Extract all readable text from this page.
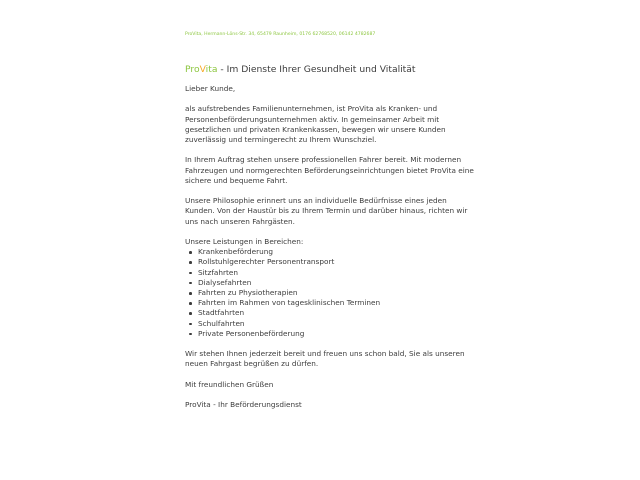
ProVita, Hermann-Löns-Str. 34, 65479 Raunheim, 0176 62768520, 06142 4782687
ProVita - Im Dienste Ihrer Gesundheit und Vitalität

Lieber Kunde,

als aufstrebendes Familienunternehmen, ist ProVita als Kranken- und Personenbeförderungsunternehmen aktiv. In gemeinsamer Arbeit mit gesetzlichen und privaten Krankenkassen, bewegen wir unsere Kunden zuverlässig und termingerecht zu Ihrem Wunschziel.

In Ihrem Auftrag stehen unsere professionellen Fahrer bereit. Mit modernen Fahrzeugen und normgerechten Beförderungseinrichtungen bietet ProVita eine sichere und bequeme Fahrt.

Unsere Philosophie erinnert uns an individuelle Bedürfnisse eines jeden Kunden. Von der Haustür bis zu Ihrem Termin und darüber hinaus, richten wir uns nach unseren Fahrgästen.

Unsere Leistungen in Bereichen:
Krankenbeförderung
Rollstuhlgerechter Personentransport
Sitzfahrten
Dialysefahrten
Fahrten zu Physiotherapien
Fahrten im Rahmen von tagesklinischen Terminen
Stadtfahrten
Schulfahrten
Private Personenbeförderung

Wir stehen Ihnen jederzeit bereit und freuen uns schon bald, Sie als unseren neuen Fahrgast begrüßen zu dürfen.

Mit freundlichen Grüßen

ProVita - Ihr Beförderungsdienst
